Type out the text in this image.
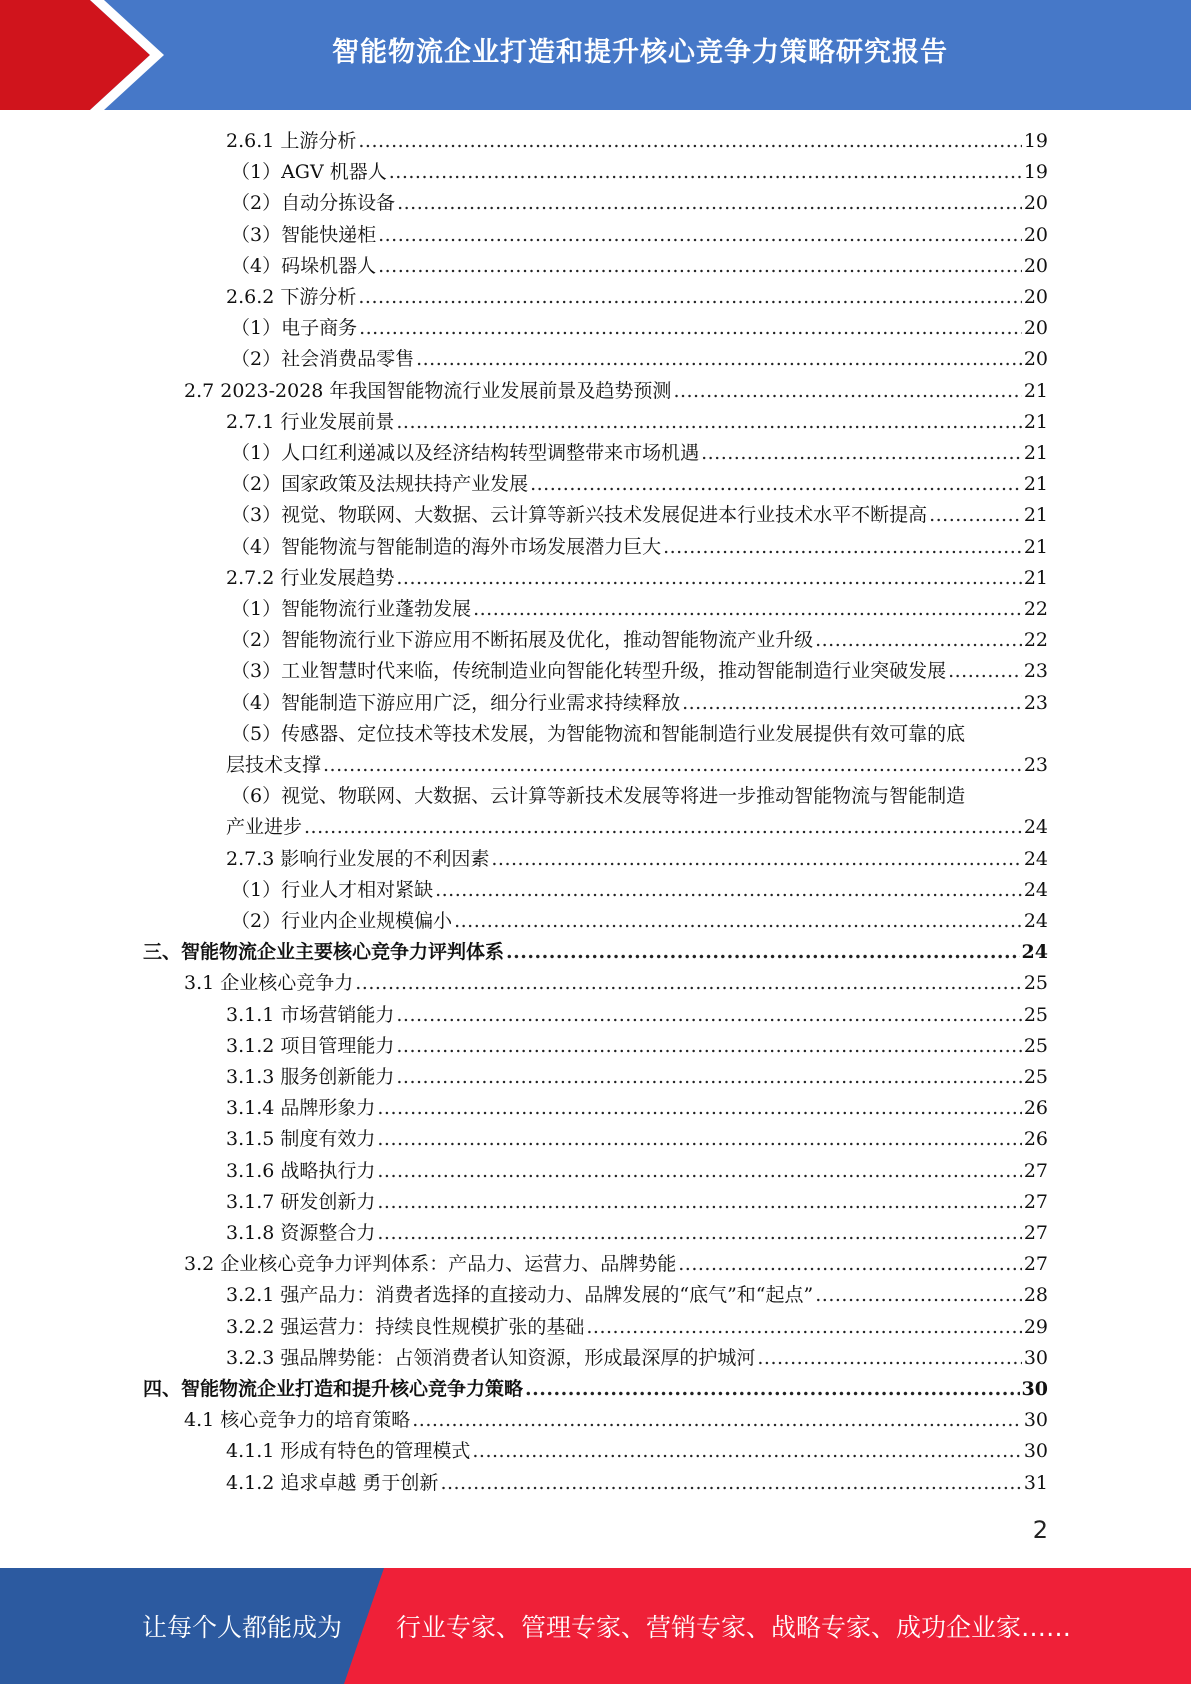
智能物流企业打造和提升核心竞争力策略研究报告
2.6.1 上游分析 .....	19
（1）AGV 机器人 .....	19
（2）自动分拣设备 .....	20
（3）智能快递柜 .....	20
（4）码垛机器人 .....	20
2.6.2 下游分析 .....	20
（1）电子商务 .....	20
（2）社会消费品零售 .....	20
2.7 2023-2028 年我国智能物流行业发展前景及趋势预测 .....	21
2.7.1 行业发展前景 .....	21
（1）人口红利递减以及经济结构转型调整带来市场机遇 .....	21
（2）国家政策及法规扶持产业发展 .....	21
（3）视觉、物联网、大数据、云计算等新兴技术发展促进本行业技术水平不断提高 .....	21
（4）智能物流与智能制造的海外市场发展潜力巨大 .....	21
2.7.2 行业发展趋势 .....	21
（1）智能物流行业蓬勃发展 .....	22
（2）智能物流行业下游应用不断拓展及优化，推动智能物流产业升级 .....	22
（3）工业智慧时代来临，传统制造业向智能化转型升级，推动智能制造行业突破发展 .....	23
（4）智能制造下游应用广泛，细分行业需求持续释放 .....	23
（5）传感器、定位技术等技术发展，为智能物流和智能制造行业发展提供有效可靠的底
层技术支撑 .....	23
（6）视觉、物联网、大数据、云计算等新技术发展等将进一步推动智能物流与智能制造
产业进步 .....	24
2.7.3 影响行业发展的不利因素 .....	24
（1）行业人才相对紧缺 .....	24
（2）行业内企业规模偏小 .....	24
三、智能物流企业主要核心竞争力评判体系 .....	24
3.1 企业核心竞争力 .....	25
3.1.1 市场营销能力 .....	25
3.1.2 项目管理能力 .....	25
3.1.3 服务创新能力 .....	25
3.1.4 品牌形象力 .....	26
3.1.5 制度有效力 .....	26
3.1.6 战略执行力 .....	27
3.1.7 研发创新力 .....	27
3.1.8 资源整合力 .....	27
3.2 企业核心竞争力评判体系：产品力、运营力、品牌势能 .....	27
3.2.1 强产品力：消费者选择的直接动力、品牌发展的“底气”和“起点” .....	28
3.2.2 强运营力：持续良性规模扩张的基础 .....	29
3.2.3 强品牌势能：占领消费者认知资源，形成最深厚的护城河 .....	30
四、智能物流企业打造和提升核心竞争力策略 .....	30
4.1 核心竞争力的培育策略 .....	30
4.1.1 形成有特色的管理模式 .....	30
4.1.2 追求卓越 勇于创新 .....	31
2
让每个人都能成为 行业专家、管理专家、营销专家、战略专家、成功企业家……
